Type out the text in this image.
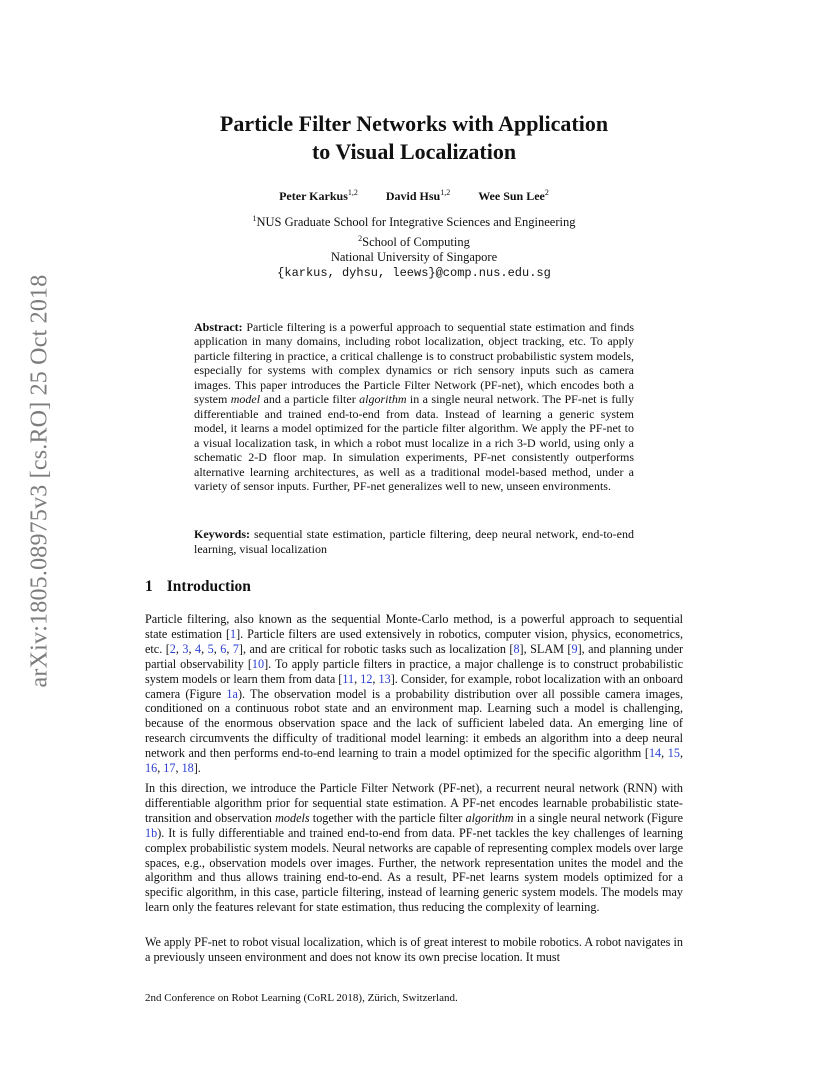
arXiv:1805.08975v3 [cs.RO] 25 Oct 2018
Particle Filter Networks with Application
to Visual Localization
Peter Karkus$^{1,2}$ David Hsu$^{1,2}$ Wee Sun Lee$^2$
$^1$NUS Graduate School for Integrative Sciences and Engineering
$^2$School of Computing
National University of Singapore
{karkus, dyhsu, leews}@comp.nus.edu.sg
Abstract: Particle filtering is a powerful approach to sequential state estimation and finds application in many domains, including robot localization, object tracking, etc. To apply particle filtering in practice, a critical challenge is to construct probabilistic system models, especially for systems with complex dynamics or rich sensory inputs such as camera images. This paper introduces the Particle Filter Network (PF-net), which encodes both a system model and a particle filter algorithm in a single neural network. The PF-net is fully differentiable and trained end-to-end from data. Instead of learning a generic system model, it learns a model optimized for the particle filter algorithm. We apply the PF-net to a visual localization task, in which a robot must localize in a rich 3-D world, using only a schematic 2-D floor map. In simulation experiments, PF-net consistently outperforms alternative learning architectures, as well as a traditional model-based method, under a variety of sensor inputs. Further, PF-net generalizes well to new, unseen environments.
Keywords: sequential state estimation, particle filtering, deep neural network, end-to-end learning, visual localization
1 Introduction

Particle filtering, also known as the sequential Monte-Carlo method, is a powerful approach to sequential state estimation [1]. Particle filters are used extensively in robotics, computer vision, physics, econometrics, etc. [2, 3, 4, 5, 6, 7], and are critical for robotic tasks such as localization [8], SLAM [9], and planning under partial observability [10]. To apply particle filters in practice, a major challenge is to construct probabilistic system models or learn them from data [11, 12, 13]. Consider, for example, robot localization with an onboard camera (Figure 1a). The observation model is a probability distribution over all possible camera images, conditioned on a continuous robot state and an environment map. Learning such a model is challenging, because of the enormous observation space and the lack of sufficient labeled data. An emerging line of research circumvents the difficulty of traditional model learning: it embeds an algorithm into a deep neural network and then performs end-to-end learning to train a model optimized for the specific algorithm [14, 15, 16, 17, 18].

In this direction, we introduce the Particle Filter Network (PF-net), a recurrent neural network (RNN) with differentiable algorithm prior for sequential state estimation. A PF-net encodes learnable probabilistic state-transition and observation models together with the particle filter algorithm in a single neural network (Figure 1b). It is fully differentiable and trained end-to-end from data. PF-net tackles the key challenges of learning complex probabilistic system models. Neural networks are capable of representing complex models over large spaces, e.g., observation models over images. Further, the network representation unites the model and the algorithm and thus allows training end-to-end. As a result, PF-net learns system models optimized for a specific algorithm, in this case, particle filtering, instead of learning generic system models. The models may learn only the features relevant for state estimation, thus reducing the complexity of learning.

We apply PF-net to robot visual localization, which is of great interest to mobile robotics. A robot navigates in a previously unseen environment and does not know its own precise location. It must

2nd Conference on Robot Learning (CoRL 2018), Zürich, Switzerland.
